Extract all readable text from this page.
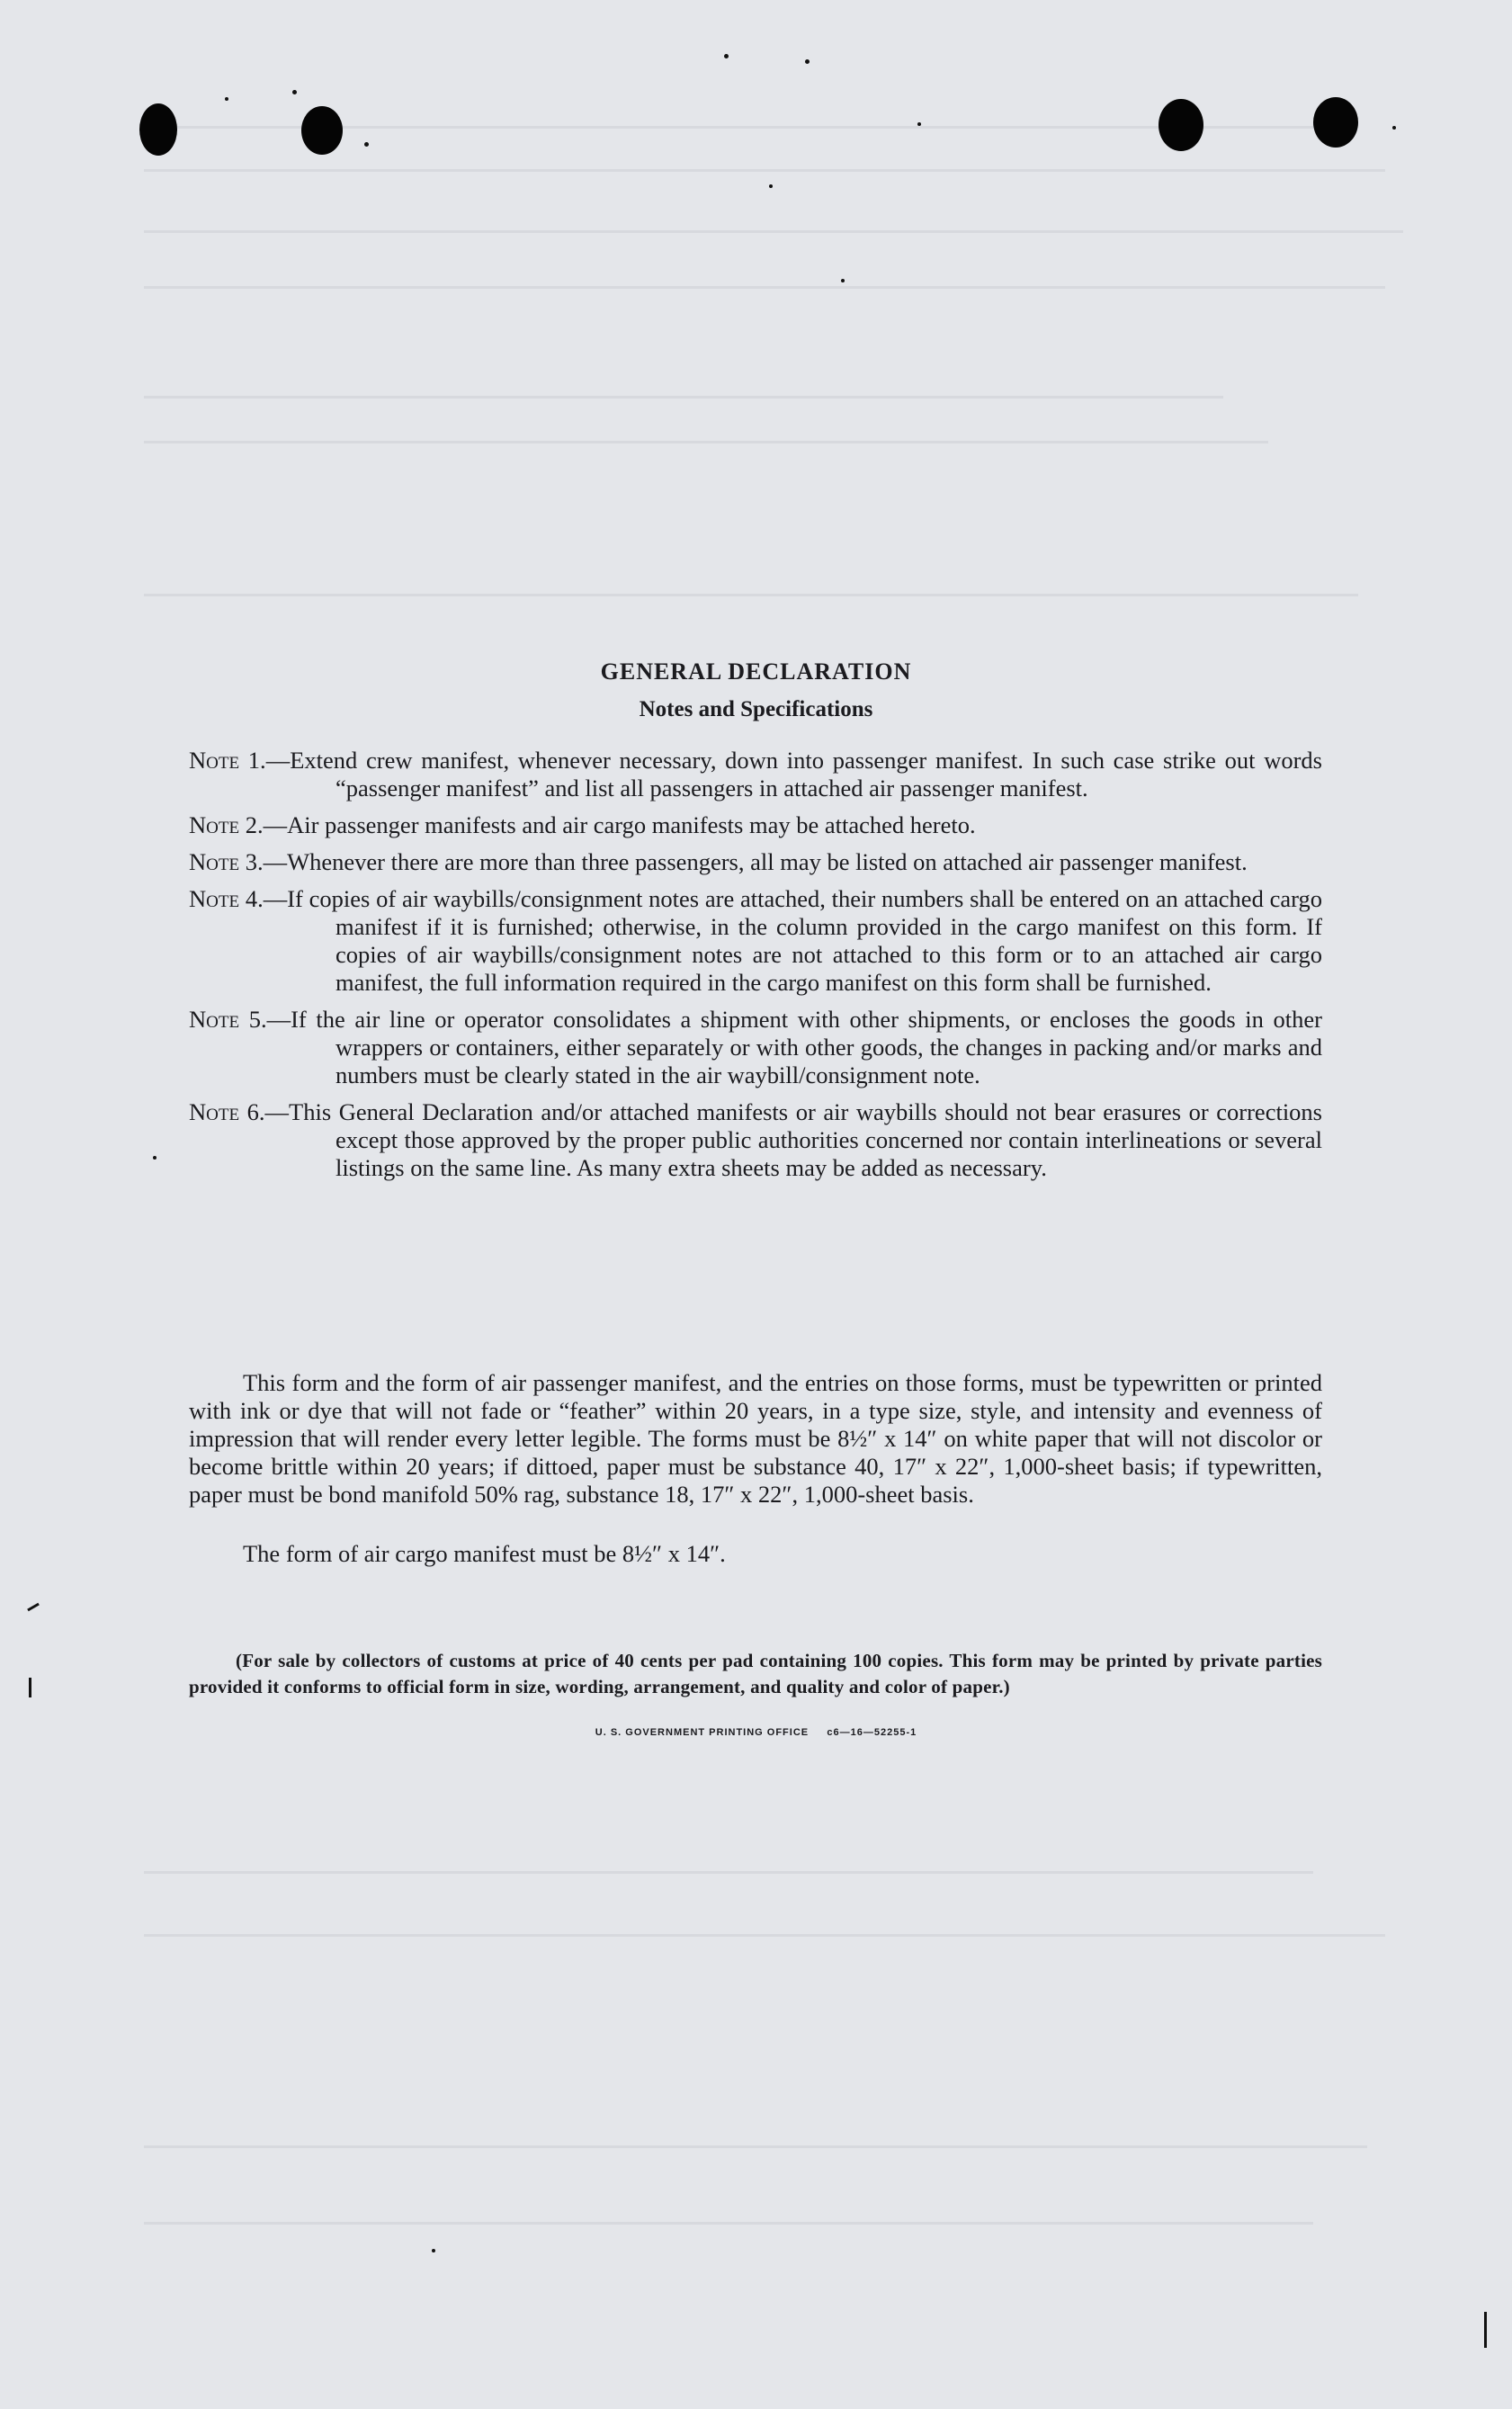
GENERAL DECLARATION
Notes and Specifications
Note 1.—Extend crew manifest, whenever necessary, down into passenger manifest. In such case strike out words “passenger manifest” and list all passengers in attached air passenger manifest.
Note 2.—Air passenger manifests and air cargo manifests may be attached hereto.
Note 3.—Whenever there are more than three passengers, all may be listed on attached air passenger manifest.
Note 4.—If copies of air waybills/consignment notes are attached, their numbers shall be entered on an attached cargo manifest if it is furnished; otherwise, in the column provided in the cargo manifest on this form. If copies of air waybills/consignment notes are not attached to this form or to an attached air cargo manifest, the full information required in the cargo manifest on this form shall be furnished.
Note 5.—If the air line or operator consolidates a shipment with other shipments, or encloses the goods in other wrappers or containers, either separately or with other goods, the changes in packing and/or marks and numbers must be clearly stated in the air waybill/consignment note.
Note 6.—This General Declaration and/or attached manifests or air waybills should not bear erasures or corrections except those approved by the proper public authorities concerned nor contain interlineations or several listings on the same line. As many extra sheets may be added as necessary.
This form and the form of air passenger manifest, and the entries on those forms, must be typewritten or printed with ink or dye that will not fade or “feather” within 20 years, in a type size, style, and intensity and evenness of impression that will render every letter legible. The forms must be 8½″ x 14″ on white paper that will not discolor or become brittle within 20 years; if dittoed, paper must be substance 40, 17″ x 22″, 1,000-sheet basis; if typewritten, paper must be bond manifold 50% rag, substance 18, 17″ x 22″, 1,000-sheet basis.
The form of air cargo manifest must be 8½″ x 14″.
(For sale by collectors of customs at price of 40 cents per pad containing 100 copies. This form may be printed by private parties provided it conforms to official form in size, wording, arrangement, and quality and color of paper.)
U. S. GOVERNMENT PRINTING OFFICE     c6—16—52255-1
